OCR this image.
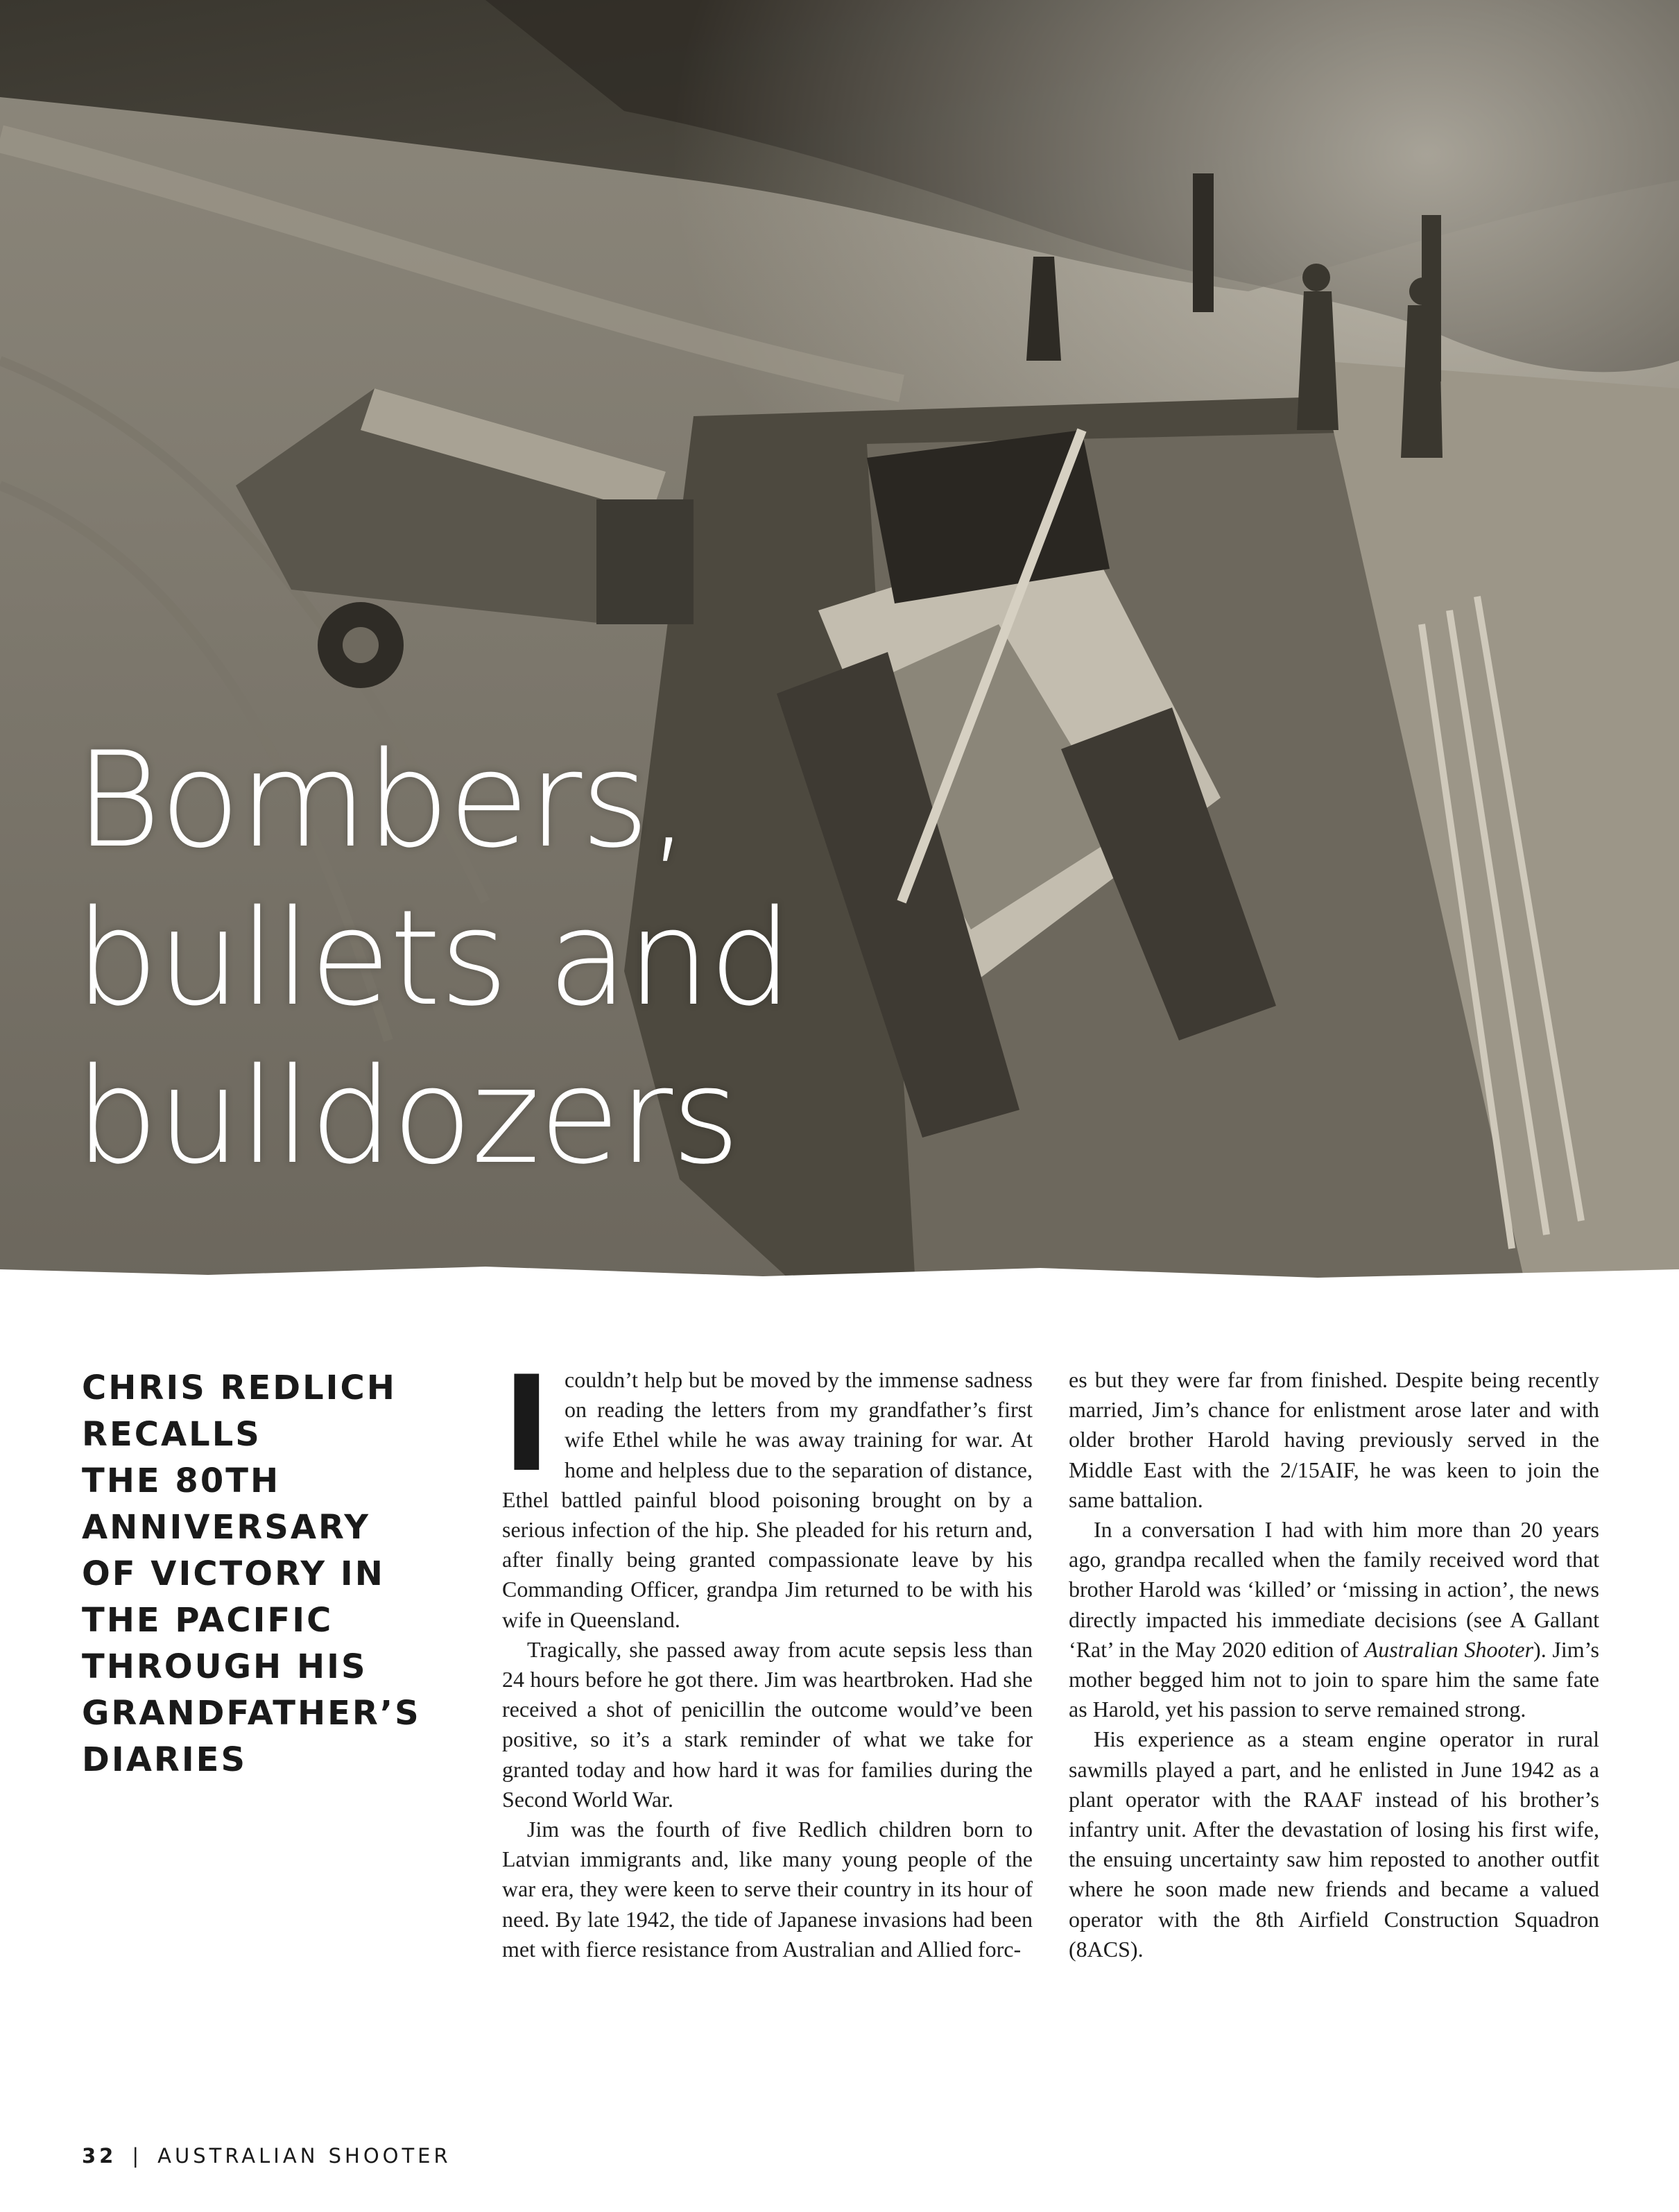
Bombers,
bullets and
bulldozers
CHRIS REDLICH
RECALLS
THE 80TH
ANNIVERSARY
OF VICTORY IN
THE PACIFIC
THROUGH HIS
GRANDFATHER’S
DIARIES

Icouldn’t help but be moved by the immense sadness on reading the letters from my grandfather’s first wife Ethel while he was away training for war. At home and helpless due to the separation of distance, Ethel battled painful blood poisoning brought on by a serious infection of the hip. She pleaded for his return and, after finally being granted compassionate leave by his Commanding Officer, grandpa Jim returned to be with his wife in Queensland.

Tragically, she passed away from acute sepsis less than 24 hours before he got there. Jim was heartbroken. Had she received a shot of penicillin the outcome would’ve been positive, so it’s a stark reminder of what we take for granted today and how hard it was for families during the Second World War.

Jim was the fourth of five Redlich children born to Latvian immigrants and, like many young people of the war era, they were keen to serve their country in its hour of need. By late 1942, the tide of Japanese invasions had been met with fierce resistance from Australian and Allied forc-

es but they were far from finished. Despite being recently married, Jim’s chance for enlistment arose later and with older brother Harold having previously served in the Middle East with the 2/15AIF, he was keen to join the same battalion.

In a conversation I had with him more than 20 years ago, grandpa recalled when the family received word that brother Harold was ‘killed’ or ‘missing in action’, the news directly impacted his immediate decisions (see A Gallant ‘Rat’ in the May 2020 edition of Australian Shooter). Jim’s mother begged him not to join to spare him the same fate as Harold, yet his passion to serve remained strong.

His experience as a steam engine operator in rural sawmills played a part, and he enlisted in June 1942 as a plant operator with the RAAF instead of his brother’s infantry unit. After the devastation of losing his first wife, the ensuing uncertainty saw him reposted to another outfit where he soon made new friends and became a valued operator with the 8th Airfield Construction Squadron (8ACS).

32 | AUSTRALIAN SHOOTER
